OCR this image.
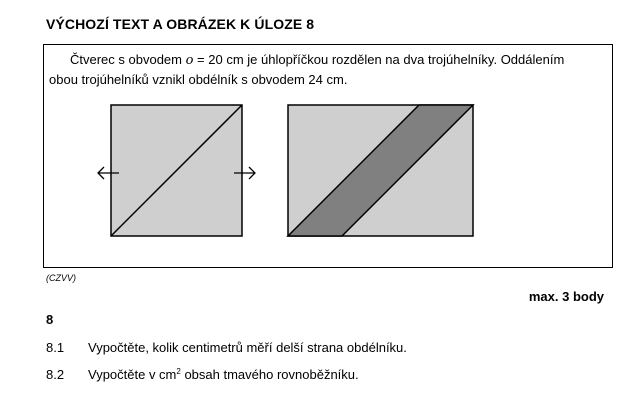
VÝCHOZÍ TEXT A OBRÁZEK K ÚLOZE 8
Čtverec s obvodem o = 20 cm je úhlopříčkou rozdělen na dva trojúhelníky. Oddálením
obou trojúhelníků vznikl obdélník s obvodem 24 cm.
(CZVV)
max. 3 body
8
8.1 Vypočtěte, kolik centimetrů měří delší strana obdélníku.
8.2 Vypočtěte v $cm^2$ obsah tmavého rovnoběžníku.
